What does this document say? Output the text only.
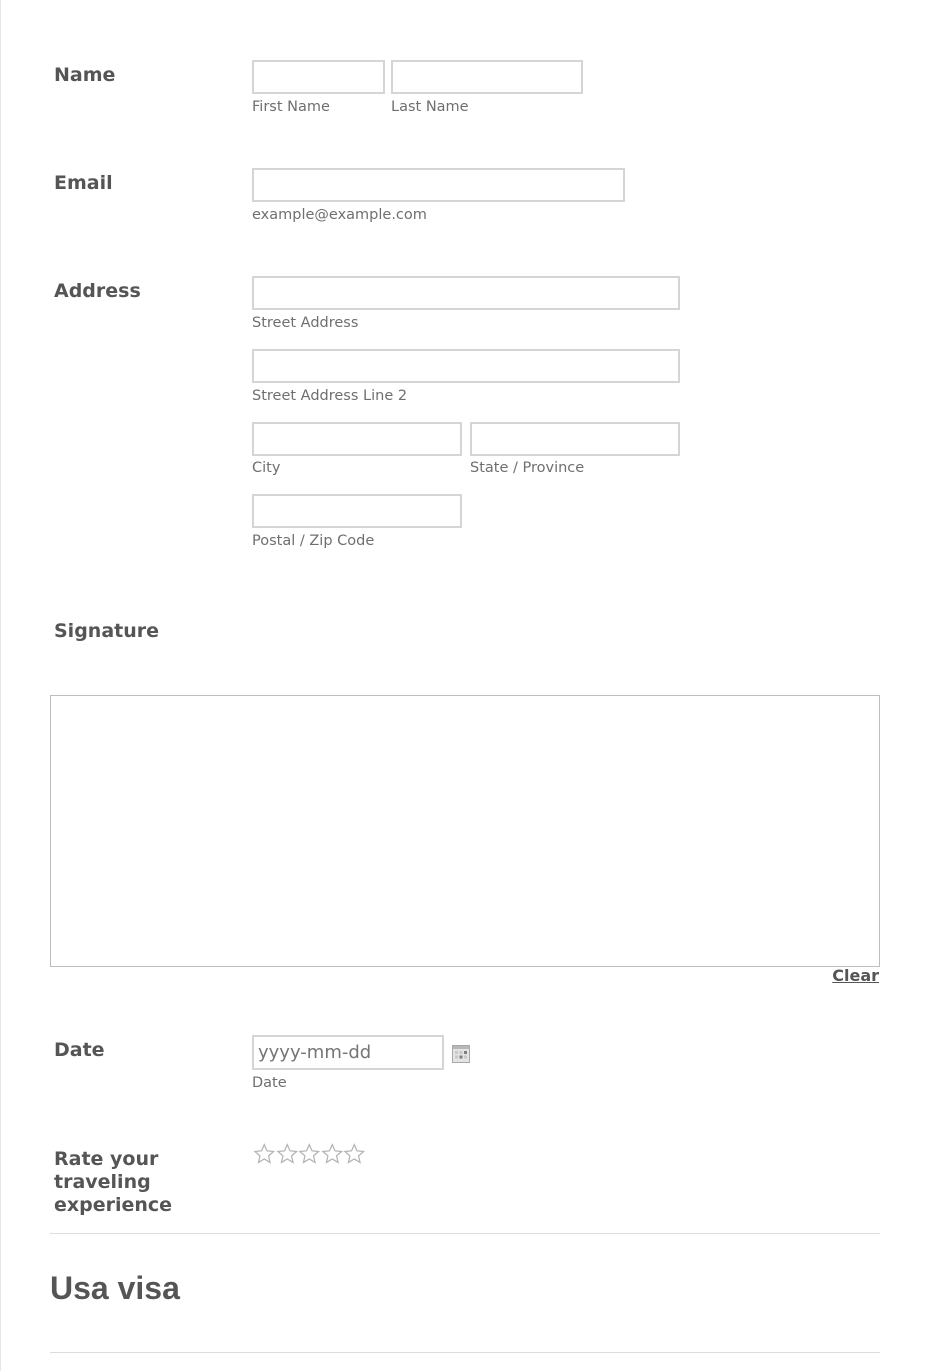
Name
First Name	Last Name
Email
example@example.com
Address
Street Address
Street Address Line 2
City	State / Province
Postal / Zip Code
Signature
Clear
Date
yyyy-mm-dd
Date
Rate your traveling experience
Usa visa
